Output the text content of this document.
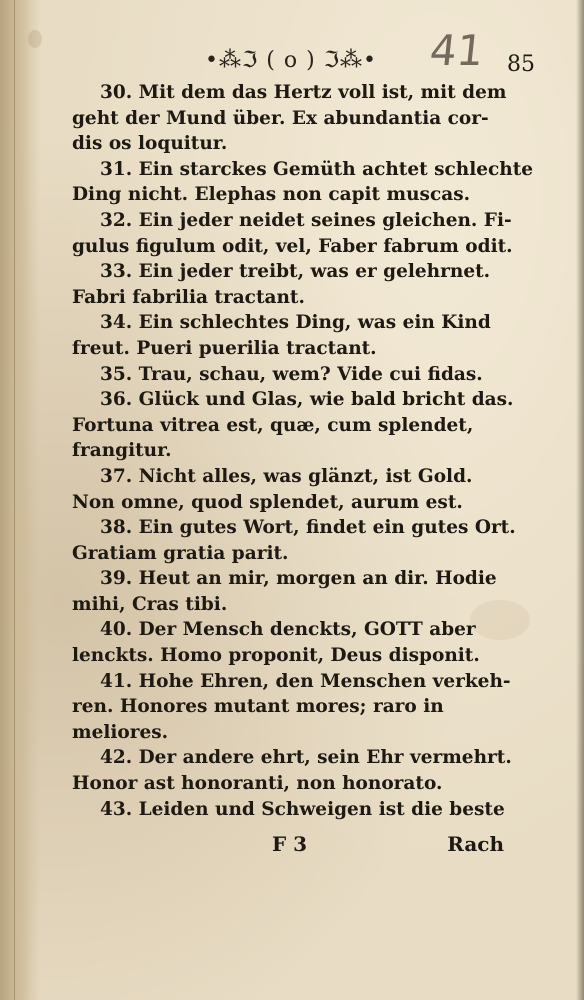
•⁂ℑ ( o ) ℑ⁂• 41 85
30. Mit dem das Hertz voll ist, mit dem
geht der Mund über. Ex abundantia cor-
dis os loquitur.
31. Ein starckes Gemüth achtet schlechte
Ding nicht. Elephas non capit muscas.
32. Ein jeder neidet seines gleichen. Fi-
gulus figulum odit, vel, Faber fabrum odit.
33. Ein jeder treibt, was er gelehrnet.
Fabri fabrilia tractant.
34. Ein schlechtes Ding, was ein Kind
freut. Pueri puerilia tractant.
35. Trau, schau, wem? Vide cui fidas.
36. Glück und Glas, wie bald bricht das.
Fortuna vitrea est, quæ, cum splendet,
frangitur.
37. Nicht alles, was glänzt, ist Gold.
Non omne, quod splendet, aurum est.
38. Ein gutes Wort, findet ein gutes Ort.
Gratiam gratia parit.
39. Heut an mir, morgen an dir. Hodie
mihi, Cras tibi.
40. Der Mensch denckts, GOTT aber
lenckts. Homo proponit, Deus disponit.
41. Hohe Ehren, den Menschen verkeh-
ren. Honores mutant mores; raro in
meliores.
42. Der andere ehrt, sein Ehr vermehrt.
Honor ast honoranti, non honorato.
43. Leiden und Schweigen ist die beste
F 3	Rach
